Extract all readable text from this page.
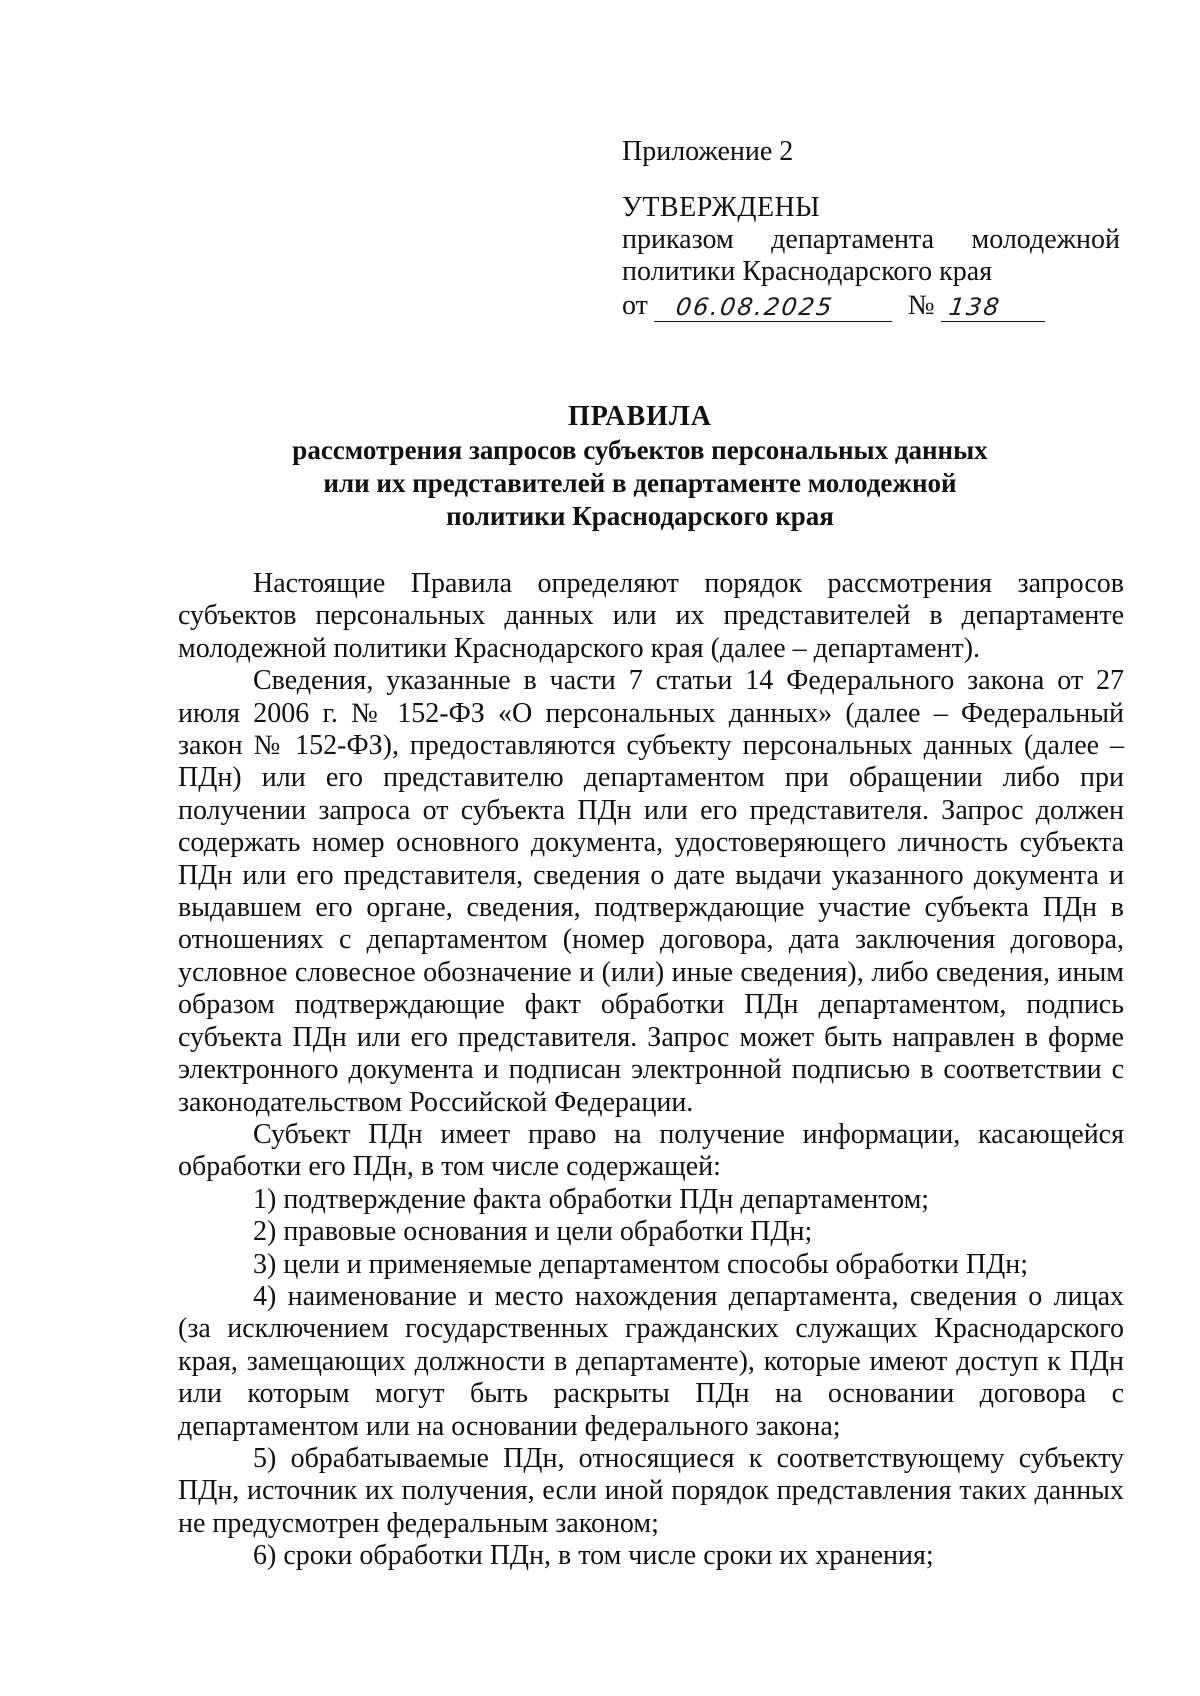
Приложение 2

УТВЕРЖДЕНЫ

приказом департамента молодежной

политики Краснодарского края

от	06.08.2025	№ 138

ПРАВИЛА

рассмотрения запросов субъектов персональных данных

или их представителей в департаменте молодежной

политики Краснодарского края

Настоящие Правила определяют порядок рассмотрения запросов субъектов персональных данных или их представителей в департаменте молодежной политики Краснодарского края (далее – департамент).

Сведения, указанные в части 7 статьи 14 Федерального закона от 27 июля 2006 г. № 152-ФЗ «О персональных данных» (далее – Федеральный закон № 152-ФЗ), предоставляются субъекту персональных данных (далее – ПДн) или его представителю департаментом при обращении либо при получении запроса от субъекта ПДн или его представителя. Запрос должен содержать номер основного документа, удостоверяющего личность субъекта ПДн или его представителя, сведения о дате выдачи указанного документа и выдавшем его органе, сведения, подтверждающие участие субъекта ПДн в отношениях с департаментом (номер договора, дата заключения договора, условное словесное обозначение и (или) иные сведения), либо сведения, иным образом подтверждающие факт обработки ПДн департаментом, подпись субъекта ПДн или его представителя. Запрос может быть направлен в форме электронного документа и подписан электронной подписью в соответствии с законодательством Российской Федерации.

Субъект ПДн имеет право на получение информации, касающейся обработки его ПДн, в том числе содержащей:

1) подтверждение факта обработки ПДн департаментом;

2) правовые основания и цели обработки ПДн;

3) цели и применяемые департаментом способы обработки ПДн;

4) наименование и место нахождения департамента, сведения о лицах (за исключением государственных гражданских служащих Краснодарского края, замещающих должности в департаменте), которые имеют доступ к ПДн или которым могут быть раскрыты ПДн на основании договора с департаментом или на основании федерального закона;

5) обрабатываемые ПДн, относящиеся к соответствующему субъекту ПДн, источник их получения, если иной порядок представления таких данных не предусмотрен федеральным законом;

6) сроки обработки ПДн, в том числе сроки их хранения;
